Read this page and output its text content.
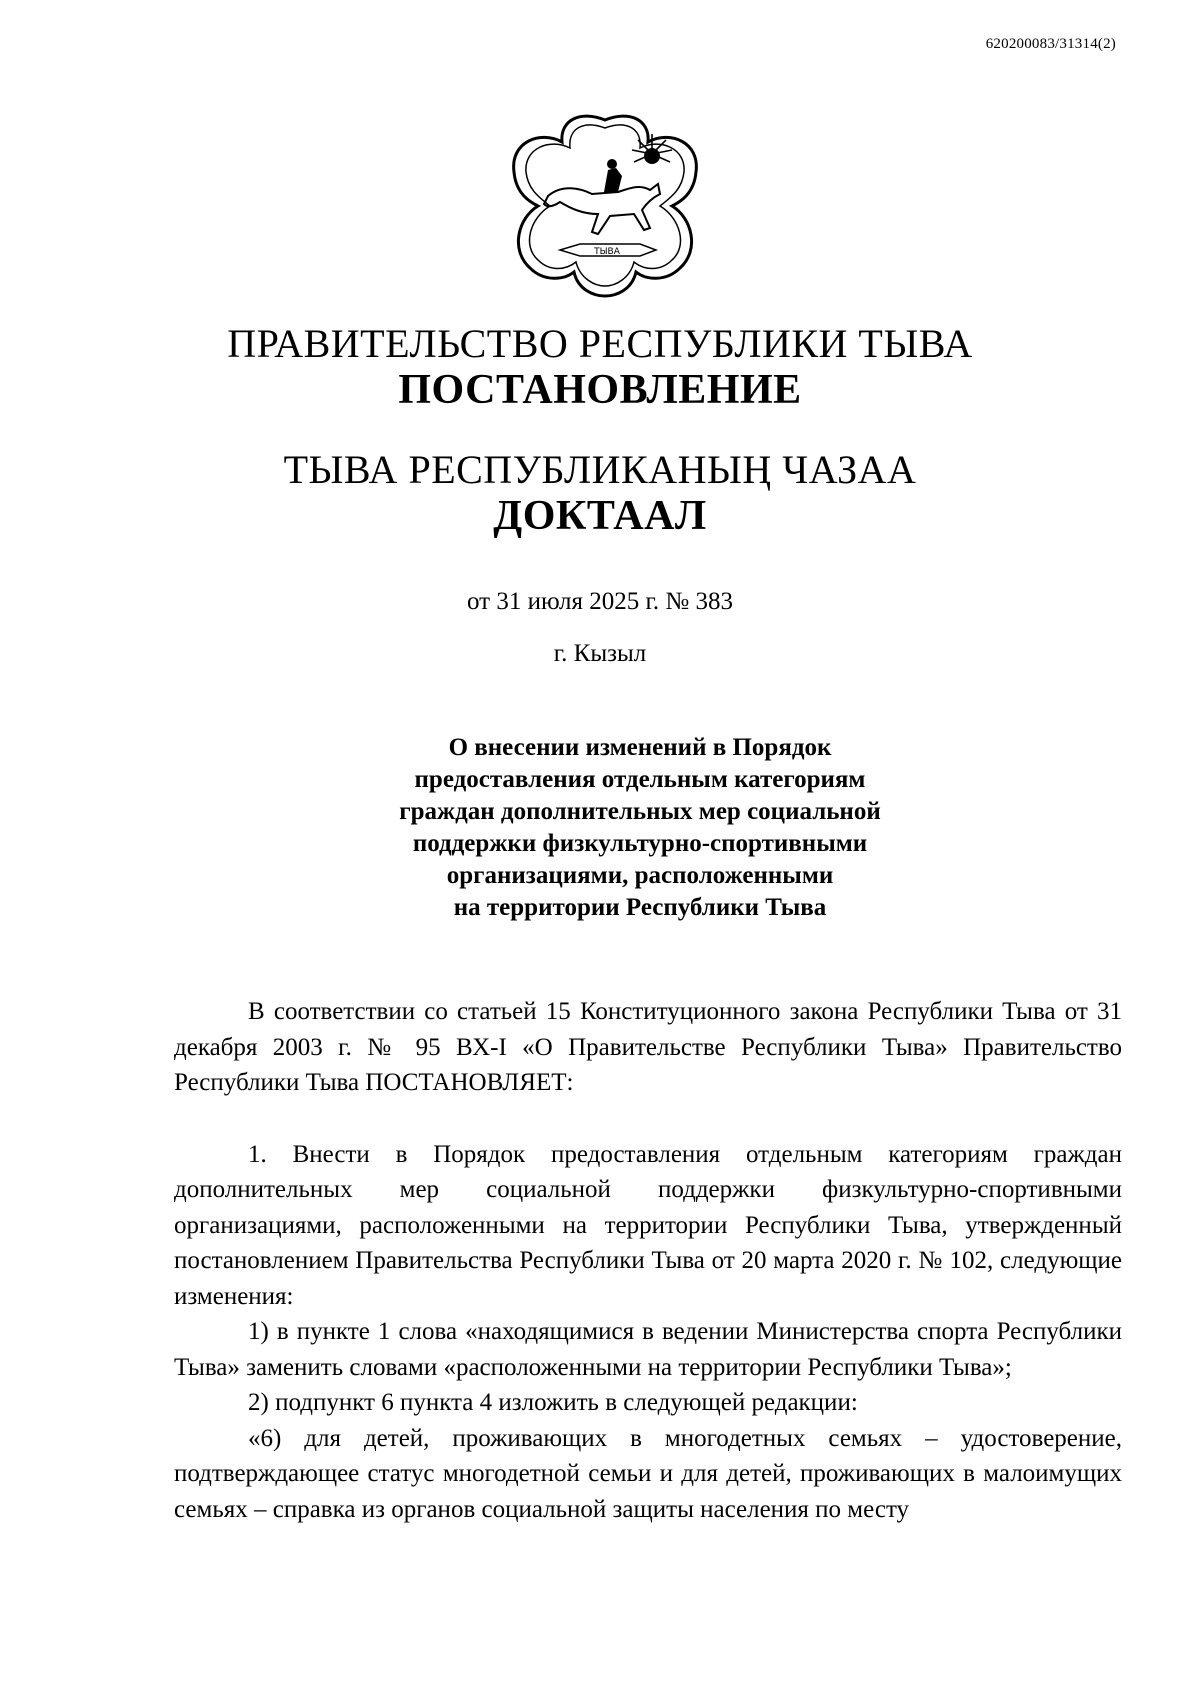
620200083/31314(2)
ТЫВА
ПРАВИТЕЛЬСТВО РЕСПУБЛИКИ ТЫВА
ПОСТАНОВЛЕНИЕ
ТЫВА РЕСПУБЛИКАНЫҢ ЧАЗАА
ДОКТААЛ
от 31 июля 2025 г. № 383
г. Кызыл
О внесении изменений в Порядок
предоставления отдельным категориям
граждан дополнительных мер социальной
поддержки физкультурно-спортивными
организациями, расположенными
на территории Республики Тыва

В соответствии со статьей 15 Конституционного закона Республики Тыва от 31 декабря 2003 г. № 95 ВХ-I «О Правительстве Республики Тыва» Правительство Республики Тыва ПОСТАНОВЛЯЕТ:

1. Внести в Порядок предоставления отдельным категориям граждан дополнительных мер социальной поддержки физкультурно-спортивными организациями, расположенными на территории Республики Тыва, утвержденный постановлением Правительства Республики Тыва от 20 марта 2020 г. № 102, следующие изменения:

1) в пункте 1 слова «находящимися в ведении Министерства спорта Республики Тыва» заменить словами «расположенными на территории Республики Тыва»;

2) подпункт 6 пункта 4 изложить в следующей редакции:

«6) для детей, проживающих в многодетных семьях – удостоверение, подтверждающее статус многодетной семьи и для детей, проживающих в малоимущих семьях – справка из органов социальной защиты населения по месту
